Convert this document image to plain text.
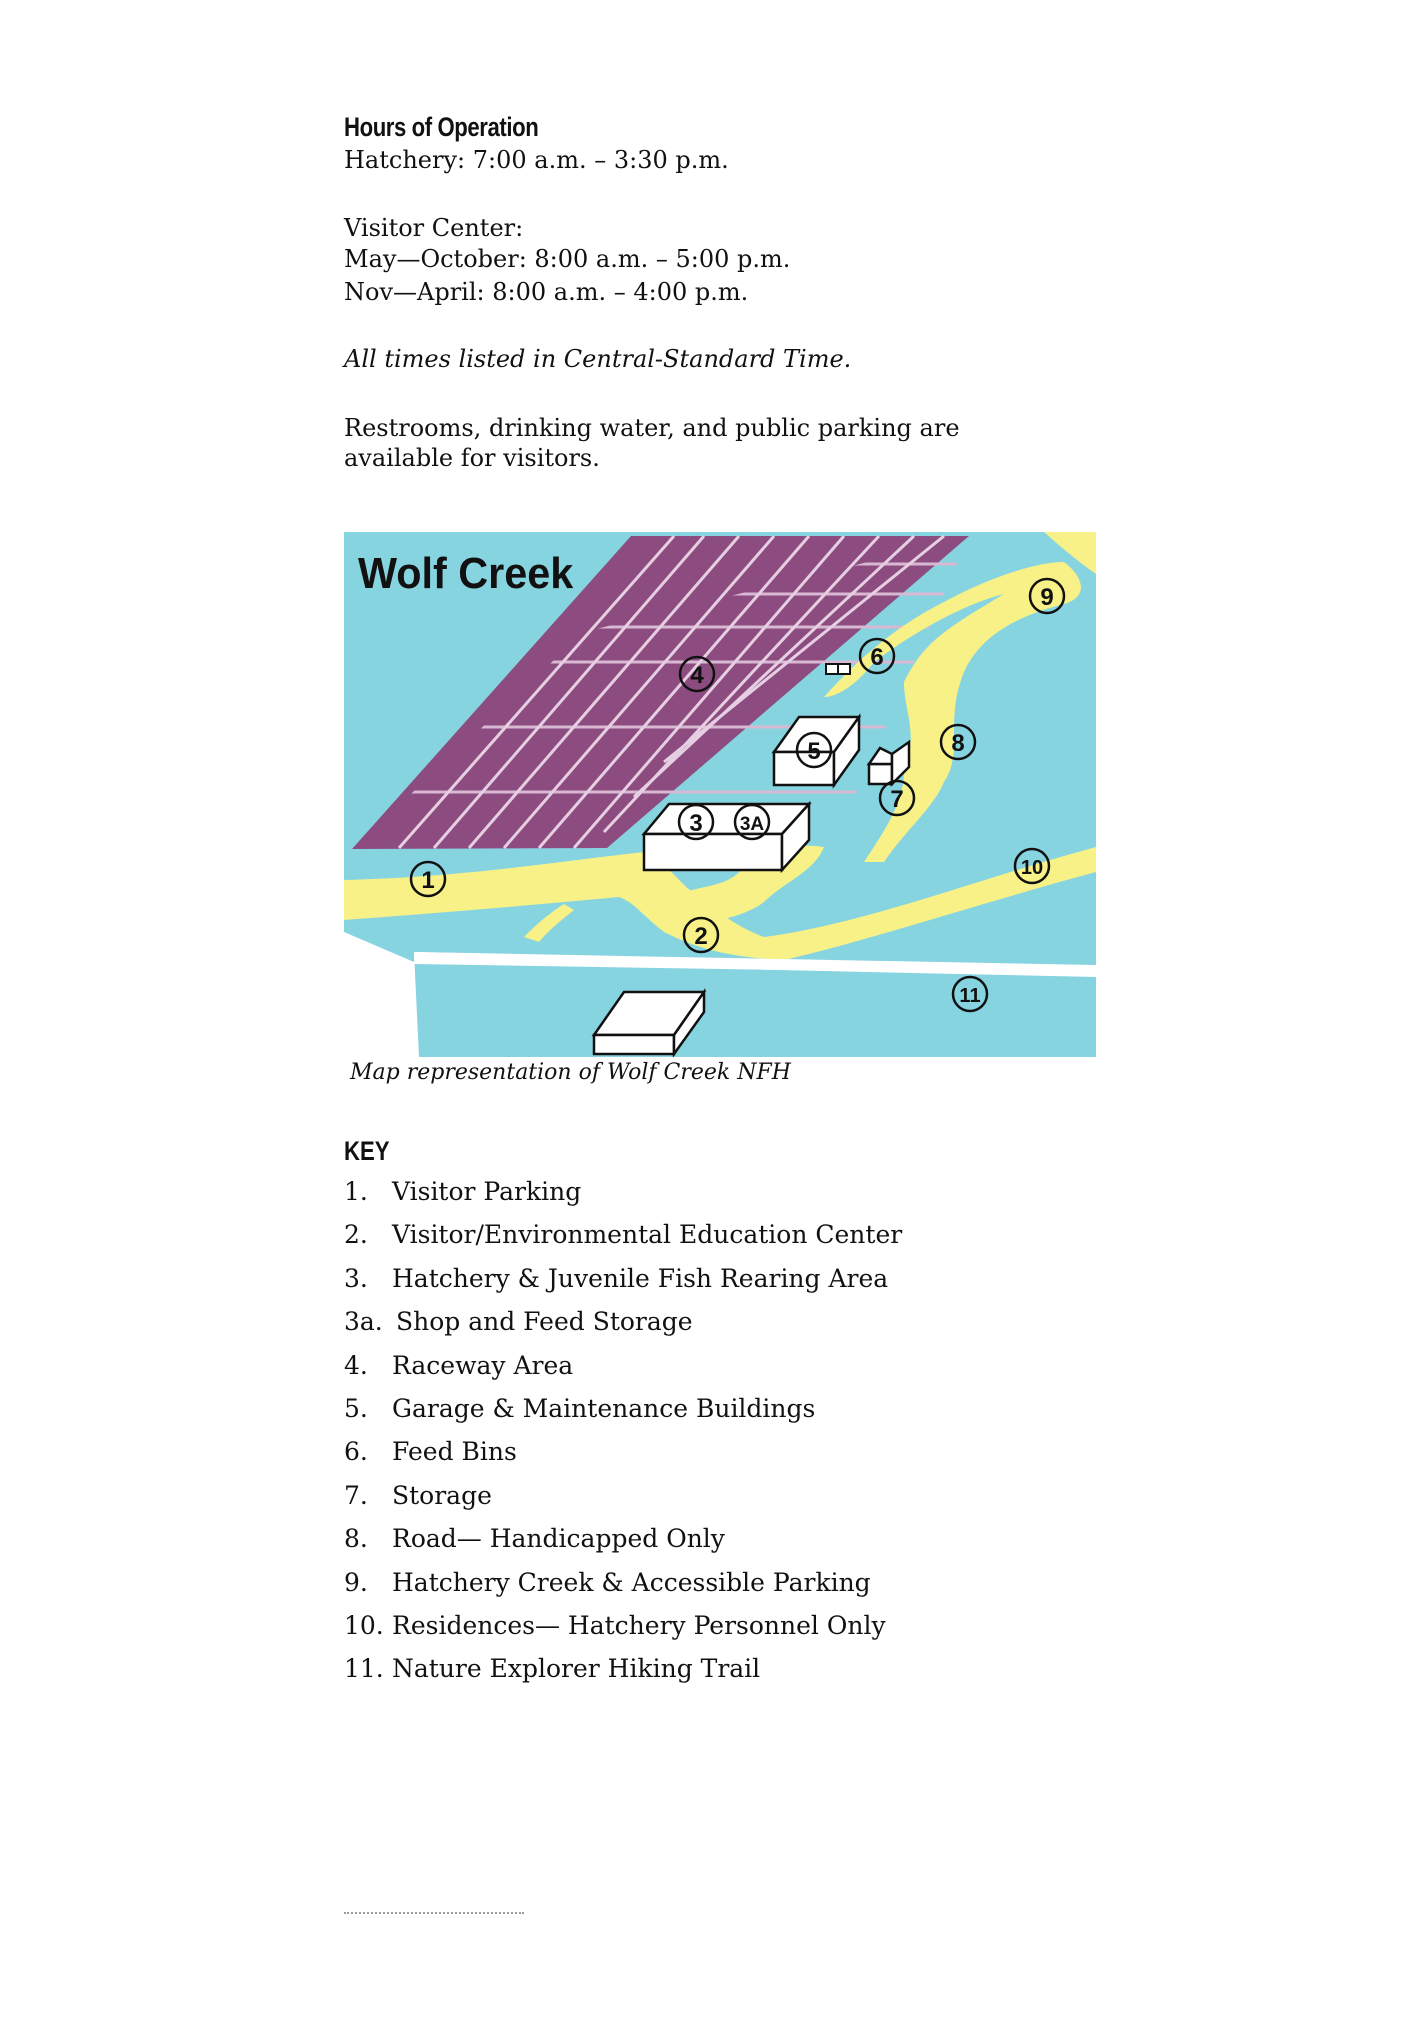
Hours of Operation
Hatchery: 7:00 a.m. – 3:30 p.m.
Visitor Center:
May—October: 8:00 a.m. – 5:00 p.m.
Nov—April: 8:00 a.m. – 4:00 p.m.
All times listed in Central-Standard Time.
Restrooms, drinking water, and public parking are
available for visitors.
Wolf Creek
1
2
3 3A
4
5
6
7
8
9
10
11
Map representation of Wolf Creek NFH
KEY
1. Visitor Parking
2. Visitor/Environmental Education Center
3. Hatchery & Juvenile Fish Rearing Area
3a. Shop and Feed Storage
4. Raceway Area
5. Garage & Maintenance Buildings
6. Feed Bins
7. Storage
8. Road— Handicapped Only
9. Hatchery Creek & Accessible Parking
10. Residences— Hatchery Personnel Only
11. Nature Explorer Hiking Trail
